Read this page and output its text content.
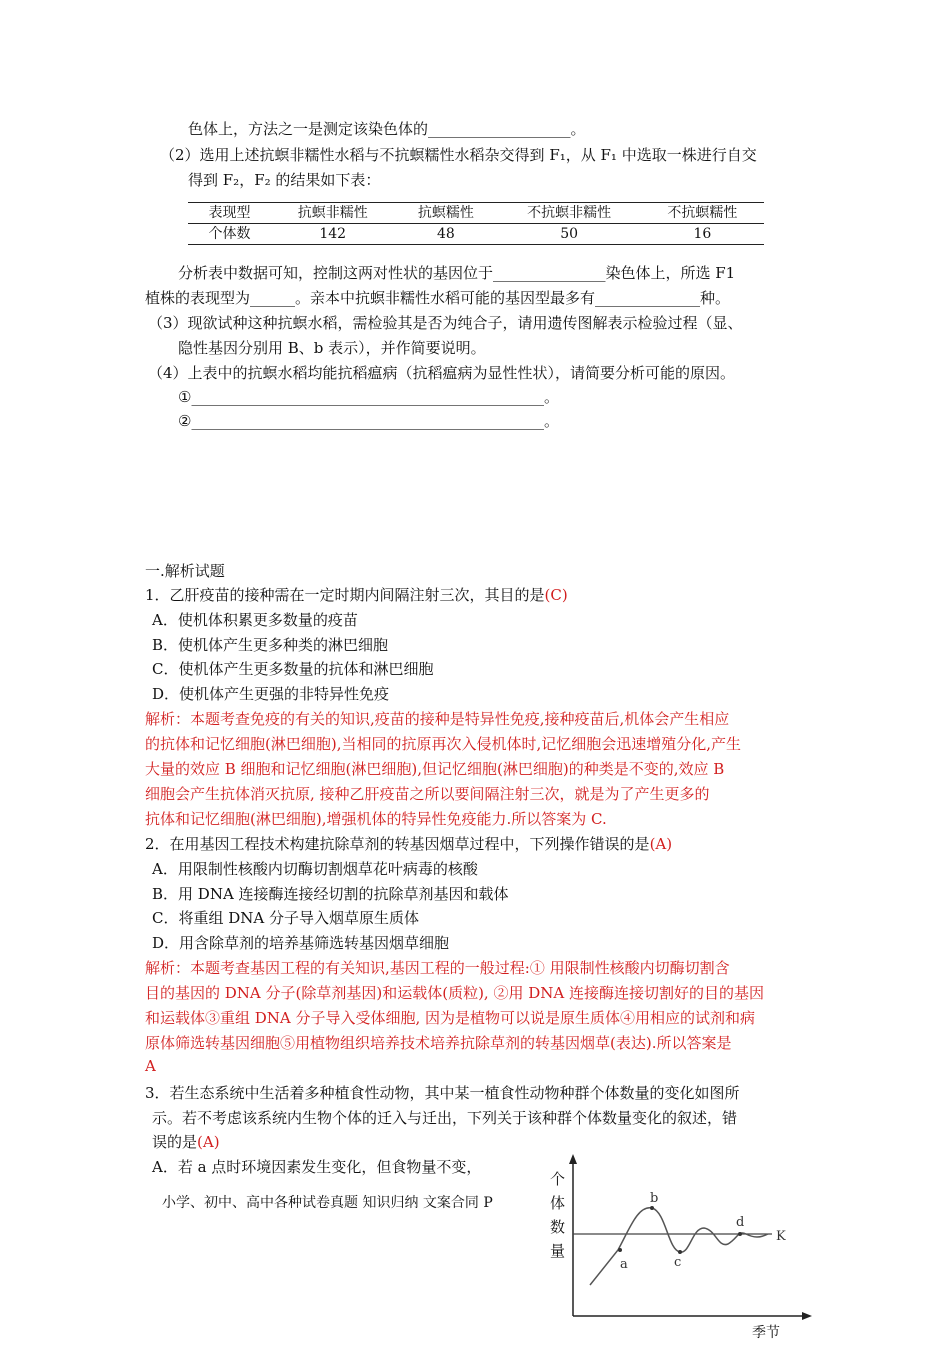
色体上，方法之一是测定该染色体的___________________。
（2）选用上述抗螟非糯性水稻与不抗螟糯性水稻杂交得到 F₁，从 F₁ 中选取一株进行自交
得到 F₂，F₂ 的结果如下表：
表现型	抗螟非糯性	抗螟糯性	不抗螟非糯性	不抗螟糯性
个体数	142	48	50	16
分析表中数据可知，控制这两对性状的基因位于_______________染色体上，所选 F1
植株的表现型为______。亲本中抗螟非糯性水稻可能的基因型最多有______________种。
（3）现欲试种这种抗螟水稻，需检验其是否为纯合子，请用遗传图解表示检验过程（显、
隐性基因分别用 B、b 表示），并作简要说明。
（4）上表中的抗螟水稻均能抗稻瘟病（抗稻瘟病为显性性状），请简要分析可能的原因。
①_______________________________________________。
②_______________________________________________。
一.解析试题
1．乙肝疫苗的接种需在一定时期内间隔注射三次，其目的是(C)
A．使机体积累更多数量的疫苗
B．使机体产生更多种类的淋巴细胞
C．使机体产生更多数量的抗体和淋巴细胞
D．使机体产生更强的非特异性免疫
解析：本题考查免疫的有关的知识,疫苗的接种是特异性免疫,接种疫苗后,机体会产生相应
的抗体和记忆细胞(淋巴细胞),当相同的抗原再次入侵机体时,记忆细胞会迅速增殖分化,产生
大量的效应 B 细胞和记忆细胞(淋巴细胞),但记忆细胞(淋巴细胞)的种类是不变的,效应 B
细胞会产生抗体消灭抗原, 接种乙肝疫苗之所以要间隔注射三次，就是为了产生更多的
抗体和记忆细胞(淋巴细胞),增强机体的特异性免疫能力.所以答案为 C.
2．在用基因工程技术构建抗除草剂的转基因烟草过程中，下列操作错误的是(A)
A．用限制性核酸内切酶切割烟草花叶病毒的核酸
B．用 DNA 连接酶连接经切割的抗除草剂基因和载体
C．将重组 DNA 分子导入烟草原生质体
D．用含除草剂的培养基筛选转基因烟草细胞
解析：本题考查基因工程的有关知识,基因工程的一般过程:① 用限制性核酸内切酶切割含
目的基因的 DNA 分子(除草剂基因)和运载体(质粒), ②用 DNA 连接酶连接切割好的目的基因
和运载体③重组 DNA 分子导入受体细胞, 因为是植物可以说是原生质体④用相应的试剂和病
原体筛选转基因细胞⑤用植物组织培养技术培养抗除草剂的转基因烟草(表达).所以答案是
A
3．若生态系统中生活着多种植食性动物，其中某一植食性动物种群个体数量的变化如图所
示。若不考虑该系统内生物个体的迁入与迁出，下列关于该种群个体数量变化的叙述，错
误的是(A)
A．若 a 点时环境因素发生变化，但食物量不变，
小学、初中、高中各种试卷真题 知识归纳 文案合同 P
a
b
c
d
K
个
体
数
量
季节
